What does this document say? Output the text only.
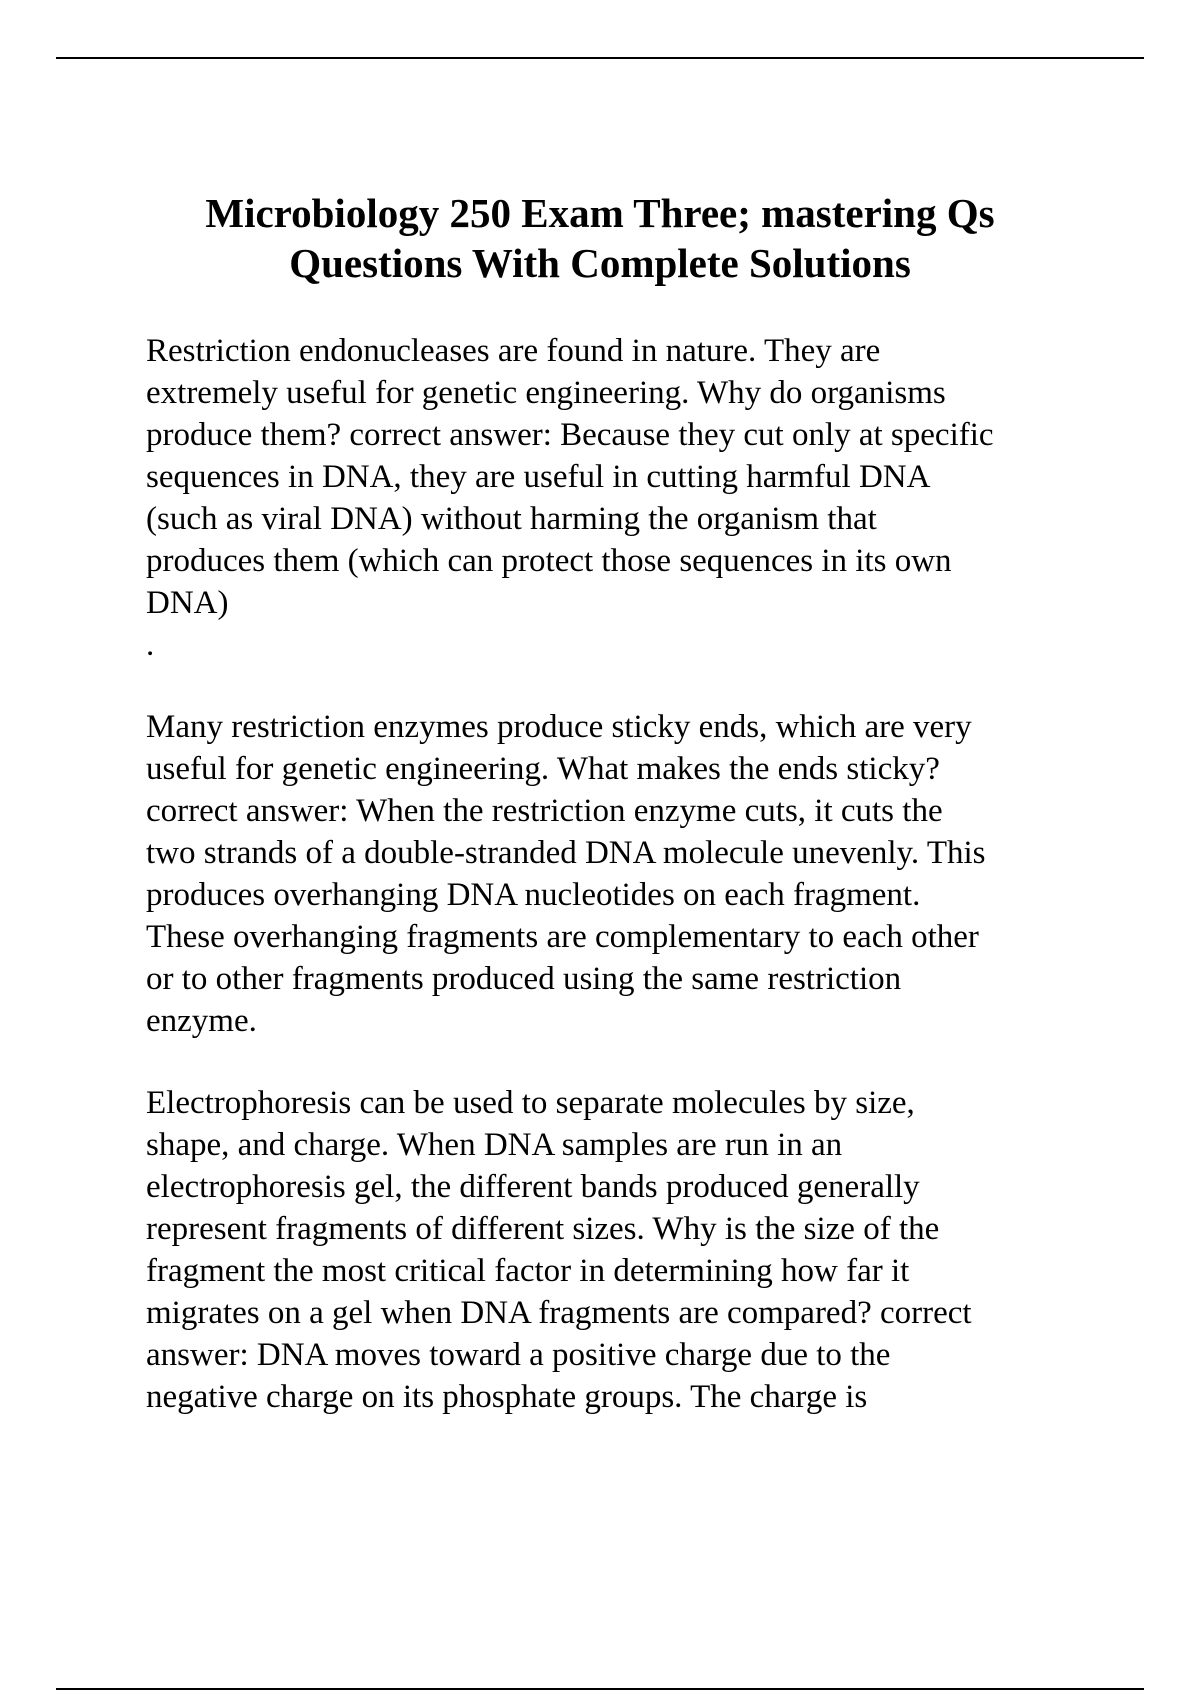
Microbiology 250 Exam Three; mastering Qs
Questions With Complete Solutions

Restriction endonucleases are found in nature. They are
extremely useful for genetic engineering. Why do organisms
produce them? correct answer: Because they cut only at specific
sequences in DNA, they are useful in cutting harmful DNA
(such as viral DNA) without harming the organism that
produces them (which can protect those sequences in its own
DNA)
.

Many restriction enzymes produce sticky ends, which are very
useful for genetic engineering. What makes the ends sticky?
correct answer: When the restriction enzyme cuts, it cuts the
two strands of a double-stranded DNA molecule unevenly. This
produces overhanging DNA nucleotides on each fragment.
These overhanging fragments are complementary to each other
or to other fragments produced using the same restriction
enzyme.

Electrophoresis can be used to separate molecules by size,
shape, and charge. When DNA samples are run in an
electrophoresis gel, the different bands produced generally
represent fragments of different sizes. Why is the size of the
fragment the most critical factor in determining how far it
migrates on a gel when DNA fragments are compared? correct
answer: DNA moves toward a positive charge due to the
negative charge on its phosphate groups. The charge is
